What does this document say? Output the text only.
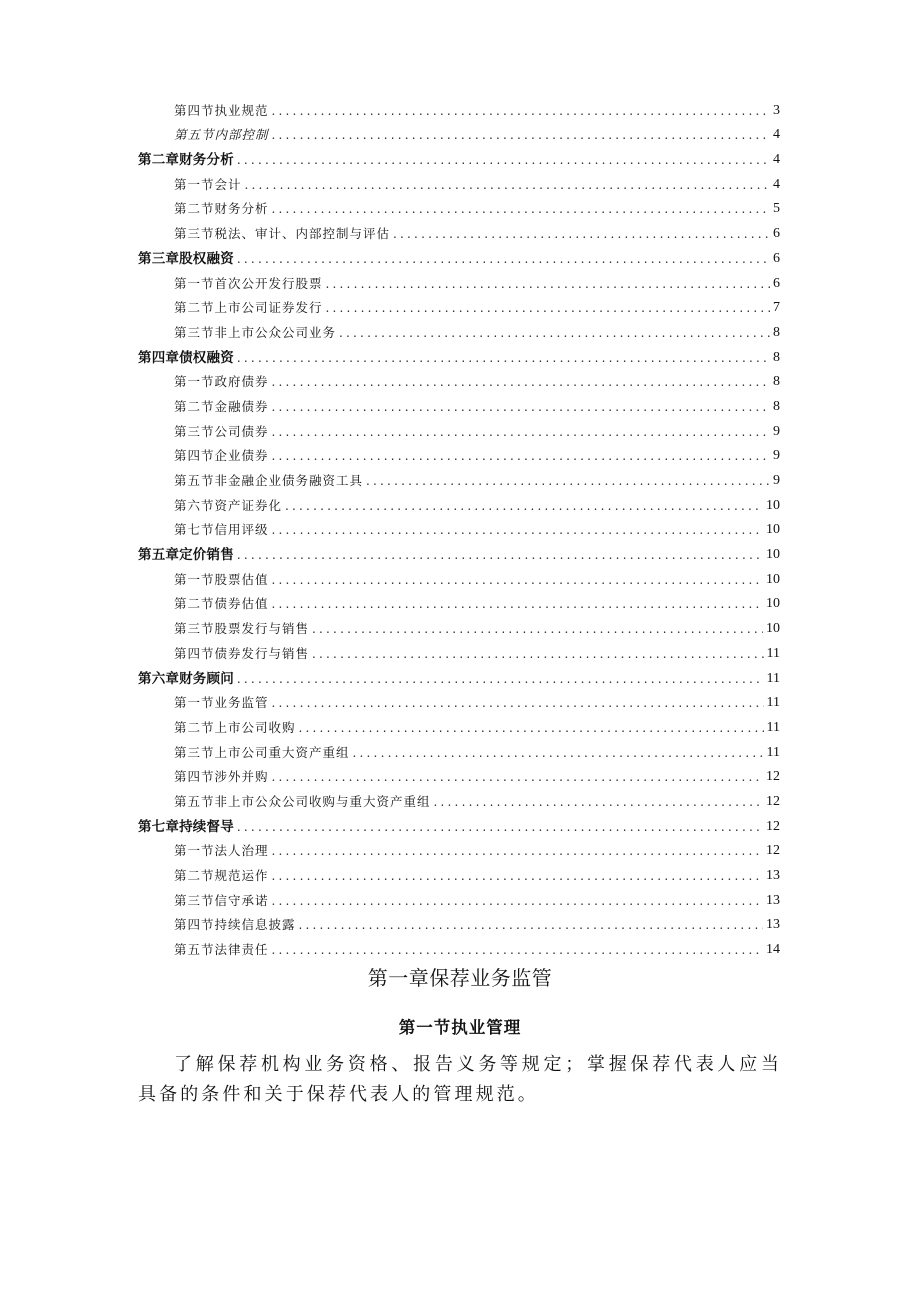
第四节执业规范 .....	3
第五节内部控制 .....	4
第二章财务分析 .....	4
第一节会计 .....	4
第二节财务分析 .....	5
第三节税法、审计、内部控制与评估 .....	6
第三章股权融资 .....	6
第一节首次公开发行股票 .....	6
第二节上市公司证券发行 .....	7
第三节非上市公众公司业务 .....	8
第四章债权融资 .....	8
第一节政府债券 .....	8
第二节金融债券 .....	8
第三节公司债券 .....	9
第四节企业债券 .....	9
第五节非金融企业债务融资工具 .....	9
第六节资产证券化 .....	10
第七节信用评级 .....	10
第五章定价销售 .....	10
第一节股票估值 .....	10
第二节债券估值 .....	10
第三节股票发行与销售 .....	10
第四节债券发行与销售 .....	11
第六章财务顾问 .....	11
第一节业务监管 .....	11
第二节上市公司收购 .....	11
第三节上市公司重大资产重组 .....	11
第四节涉外并购 .....	12
第五节非上市公众公司收购与重大资产重组 .....	12
第七章持续督导 .....	12
第一节法人治理 .....	12
第二节规范运作 .....	13
第三节信守承诺 .....	13
第四节持续信息披露 .....	13
第五节法律责任 .....	14
第一章保荐业务监管
第一节执业管理
了解保荐机构业务资格、报告义务等规定；掌握保荐代表人应当具备的条件和关于保荐代表人的管理规范。
